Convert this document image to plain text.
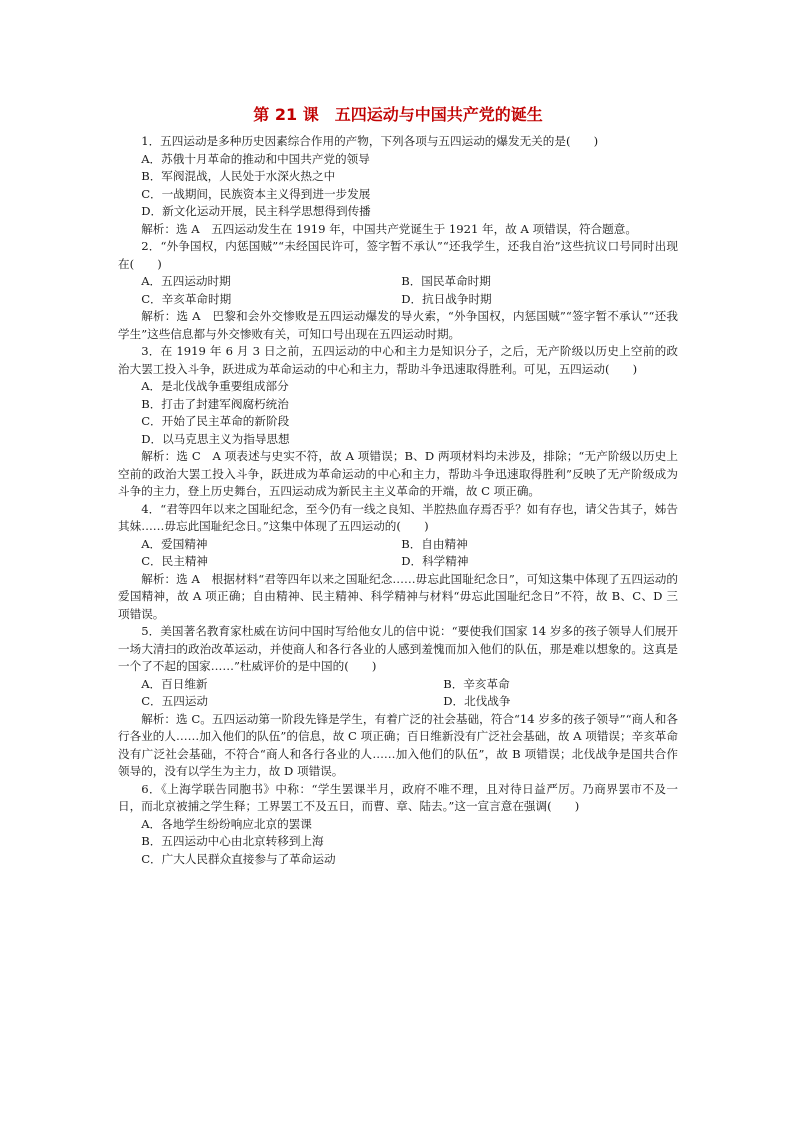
第 21 课　五四运动与中国共产党的诞生

1．五四运动是多种历史因素综合作用的产物，下列各项与五四运动的爆发无关的是(　　)

A．苏俄十月革命的推动和中国共产党的领导

B．军阀混战，人民处于水深火热之中

C．一战期间，民族资本主义得到进一步发展

D．新文化运动开展，民主科学思想得到传播

解析：选 A　五四运动发生在 1919 年，中国共产党诞生于 1921 年，故 A 项错误，符合题意。

2．“外争国权，内惩国贼”“未经国民许可，签字暂不承认”“还我学生，还我自治”这些抗议口号同时出现在(　　)

A．五四运动时期	B．国民革命时期
C．辛亥革命时期	D．抗日战争时期

解析：选 A　巴黎和会外交惨败是五四运动爆发的导火索，“外争国权，内惩国贼”“签字暂不承认”“还我学生”这些信息都与外交惨败有关，可知口号出现在五四运动时期。

3．在 1919 年 6 月 3 日之前，五四运动的中心和主力是知识分子，之后，无产阶级以历史上空前的政治大罢工投入斗争，跃进成为革命运动的中心和主力，帮助斗争迅速取得胜利。可见，五四运动(　　)

A．是北伐战争重要组成部分

B．打击了封建军阀腐朽统治

C．开始了民主革命的新阶段

D．以马克思主义为指导思想

解析：选 C　A 项表述与史实不符，故 A 项错误；B、D 两项材料均未涉及，排除；“无产阶级以历史上空前的政治大罢工投入斗争，跃进成为革命运动的中心和主力，帮助斗争迅速取得胜利”反映了无产阶级成为斗争的主力，登上历史舞台，五四运动成为新民主主义革命的开端，故 C 项正确。

4．“君等四年以来之国耻纪念，至今仍有一线之良知、半腔热血存焉否乎？如有存也，请父告其子，姊告其妹……毋忘此国耻纪念日。”这集中体现了五四运动的(　　)

A．爱国精神	B．自由精神
C．民主精神	D．科学精神

解析：选 A　根据材料“君等四年以来之国耻纪念……毋忘此国耻纪念日”，可知这集中体现了五四运动的爱国精神，故 A 项正确；自由精神、民主精神、科学精神与材料“毋忘此国耻纪念日”不符，故 B、C、D 三项错误。

5．美国著名教育家杜威在访问中国时写给他女儿的信中说：“要使我们国家 14 岁多的孩子领导人们展开一场大清扫的政治改革运动，并使商人和各行各业的人感到羞愧而加入他们的队伍，那是难以想象的。这真是一个了不起的国家……”杜威评价的是中国的(　　)

A．百日维新	B．辛亥革命
C．五四运动	D．北伐战争

解析：选 C。五四运动第一阶段先锋是学生，有着广泛的社会基础，符合“14 岁多的孩子领导”“商人和各行各业的人……加入他们的队伍”的信息，故 C 项正确；百日维新没有广泛社会基础，故 A 项错误；辛亥革命没有广泛社会基础，不符合“商人和各行各业的人……加入他们的队伍”，故 B 项错误；北伐战争是国共合作领导的，没有以学生为主力，故 D 项错误。

6．《上海学联告同胞书》中称：“学生罢课半月，政府不唯不理，且对待日益严厉。乃商界罢市不及一日，而北京被捕之学生释；工界罢工不及五日，而曹、章、陆去。”这一宣言意在强调(　　)

A．各地学生纷纷响应北京的罢课

B．五四运动中心由北京转移到上海

C．广大人民群众直接参与了革命运动
